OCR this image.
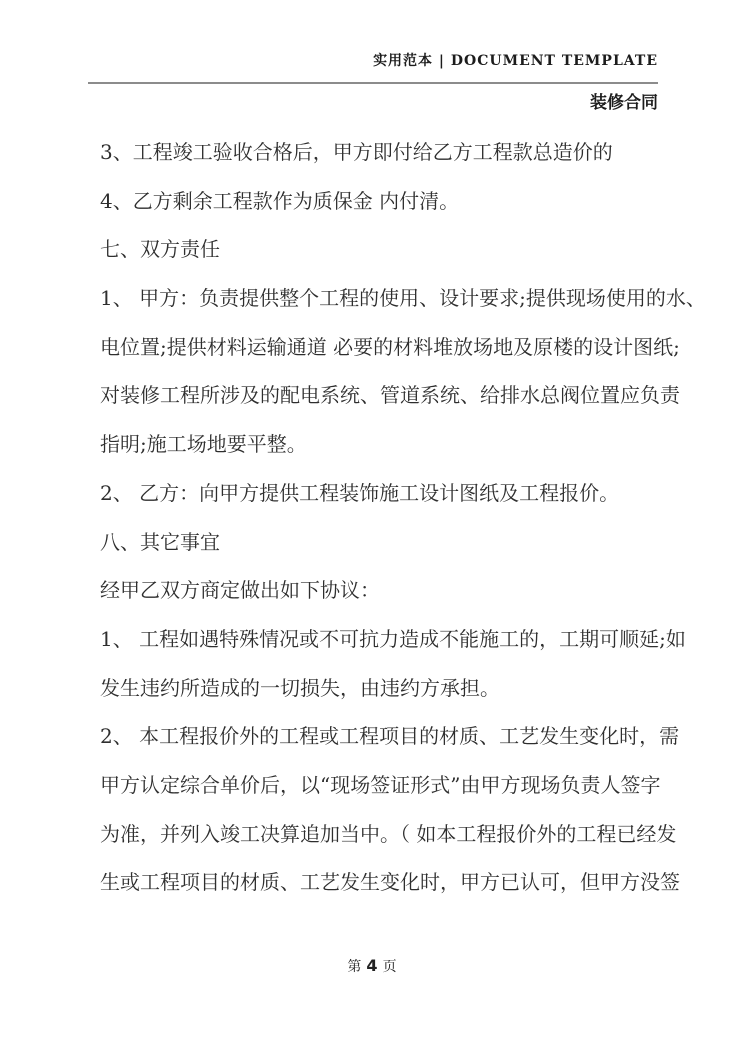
实用范本 | DOCUMENT TEMPLATE
装修合同
3、工程竣工验收合格后，甲方即付给乙方工程款总造价的
4、乙方剩余工程款作为质保金 内付清。
七、双方责任
1、 甲方：负责提供整个工程的使用、设计要求;提供现场使用的水、
电位置;提供材料运输通道 必要的材料堆放场地及原楼的设计图纸;
对装修工程所涉及的配电系统、管道系统、给排水总阀位置应负责
指明;施工场地要平整。
2、 乙方：向甲方提供工程装饰施工设计图纸及工程报价。
八、其它事宜
经甲乙双方商定做出如下协议：
1、 工程如遇特殊情况或不可抗力造成不能施工的，工期可顺延;如
发生违约所造成的一切损失，由违约方承担。
2、 本工程报价外的工程或工程项目的材质、工艺发生变化时，需
甲方认定综合单价后，以“现场签证形式”由甲方现场负责人签字
为准，并列入竣工决算追加当中。（ 如本工程报价外的工程已经发
生或工程项目的材质、工艺发生变化时，甲方已认可，但甲方没签
第 4 页
